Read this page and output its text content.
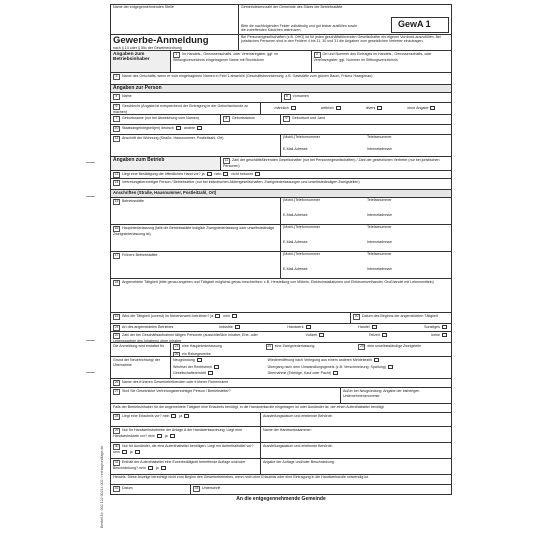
Bestell-Nr. 002 122 00214 002 / rechtsgrundlage.de
Name der entgegennehmenden Stelle	Gemeindekennzahl der Gemeinde des Sitzes der Betriebsstätte
Bitte die nachfolgenden Felder vollständig und gut lesbar ausfüllen sowie die zutreffenden Kästchen ankreuzen
GewA 1
Gewerbe-Anmeldung
nach § 14 oder § 55c der Gewerbeordnung
Bei Personengesellschaften (z.B. OHG) ist für jeden geschäftsführenden Gesellschafter ein eigener Vordruck auszufüllen. Bei juristischen Personen sind in den Feldern 4 bis 11, 30 und 31 die Angaben zum gesetzlichen Vertreter einzutragen.
Angaben zum Betriebsinhaber
1 Im Handels-, Genossenschafts- oder Vereinsregister, ggf. im Stiftungsverzeichnis eingetragener Name mit Rechtsform
2 Ort und Nummer des Eintrages im Handels-, Genossenschafts- oder Vereinsregister, ggf. Nummer im Stiftungsverzeichnis
3 Name des Geschäfts, wenn er vom eingetragenen Namen in Feld 1 abweicht (Geschäftsbezeichnung; z.B. Gaststätte zum grünen Baum, Friseur Haargenau)
Angaben zur Person
4 Name	5 Vornamen
6 Geschlecht (Angabe ist entsprechend der Eintragung in der Geburtsurkunde zu machen)
männlich	weiblich	divers	ohne Angabe
7 Geburtsname (nur bei Abweichung vom Namen)	8 Geburtsdatum	9 Geburtsort und -land
10 Staatsangehörigkeit(en) deutsch	andere
11 Anschrift der Wohnung (Straße, Hausnummer, Postleitzahl, Ort)	(Mobil-)Telefonnummer	Telefaxnummer
E-Mail-Adresse	Internetadresse
Angaben zum Betrieb	12 Zahl der geschäftsführenden Gesellschafter (nur bei Personengesellschaften) / Zahl der gesetzlichen Vertreter (nur bei juristischen Personen)
13 Liegt eine Bestätigung der öffentlichen Hand vor? ja	nein	nicht bekannt
14 Vertretungsberechtigte Person / Betriebsleiter (nur bei inländischen Aktiengesellschaften, Zweigniederlassungen und unselbstständigen Zweigstellen)
Anschriften (Straße, Hausnummer, Postleitzahl, Ort)
15 Betriebsstätte	(Mobil-)Telefonnummer	Telefaxnummer
E-Mail-Adresse	Internetadresse
16 Hauptniederlassung (falls die Betriebsstätte lediglich Zweigniederlassung oder unselbstständige Zweigniederlassung ist)
(Mobil-)Telefonnummer	Telefaxnummer
E-Mail-Adresse	Internetadresse
17 Frühere Betriebsstätte	(Mobil-)Telefonnummer	Telefaxnummer
E-Mail-Adresse	Internetadresse
18 Angemeldete Tätigkeit (bitte genau angeben und Tätigkeit möglichst genau beschreiben: z.B. Herstellung von Möbeln, Elektroinstallationen und Elektroeinzelhandel, Großhandel mit Lebensmitteln)
19 Wird die Tätigkeit (vorerst) im Nebenerwerb betrieben? ja	nein	20 Datum des Beginns der angemeldeten Tätigkeit
21 Art des angemeldeten Betriebes	Industrie	Handwerk	Handel	Sonstiges
22 Zahl der bei Geschäftsaufnahme tätigen Personen (ausschließlich Inhaber, Ehe- oder Lebenspartner des Inhabers) ohne Inhaber
Vollzeit	Teilzeit	keine
Die Anmeldung wird erstattet für	23 eine Hauptniederlassung	24 eine Zweigniederlassung	25 eine unselbstständige Zweigstelle
26 ein Reisegewerbe
Grund der Neuerrichtung/ der Übernahme
Neugründung	Wiedereröffnung nach Verlegung aus einem anderen Meldebezirk
Wechsel der Rechtsform	Übergang nach dem Umwandlungsgesetz (z.B. Verschmelzung, Spaltung)
Gesellschaftereintritt	Übernahme (Erbfolge, Kauf oder Pacht)
26 Name des früheren Gewerbetreibenden oder früherer Firmenname
27 Sind Sie Gesetzliche Vertretungsberechtigte Person / Betriebsleiter?	Außer bei Neugründung: Angabe der bisherigen Unternehmensnummer
Falls der Betriebsinhaber für die angemeldete Tätigkeit eine Erlaubnis benötigt, in die Handwerksrolle eingetragen ist oder Ausländer ist, der einen Aufenthaltstitel benötigt
28 Liegt eine Erlaubnis vor? nein	ja	Ausstellungsdatum und erteilende Behörde:
29 Nur für Handwerksbetriebe der Anlage A der Handwerksordnung: Liegt eine Handwerkskarte vor? nein	ja
Name der Handwerkskammer:
30 Nur für Ausländer, die eine Aufenthaltstitel benötigen: Liegt ein Aufenthaltstitel vor? nein	ja
Ausstellungsdatum und erteilende Behörde:
31 Enthält der Aufenthaltstitel eine Erwerbstätigkeit betreffende Auflage und/oder Beschränkung? nein	ja
Angabe der Auflage und/oder Beschränkung:
Hinweis: Diese Anzeige berechtigt nicht zum Beginn des Gewerbebetriebes, wenn noch eine Erlaubnis oder eine Eintragung in die Handwerksrolle notwendig ist.
32 Datum	33 Unterschrift
An die entgegennehmende Gemeinde
